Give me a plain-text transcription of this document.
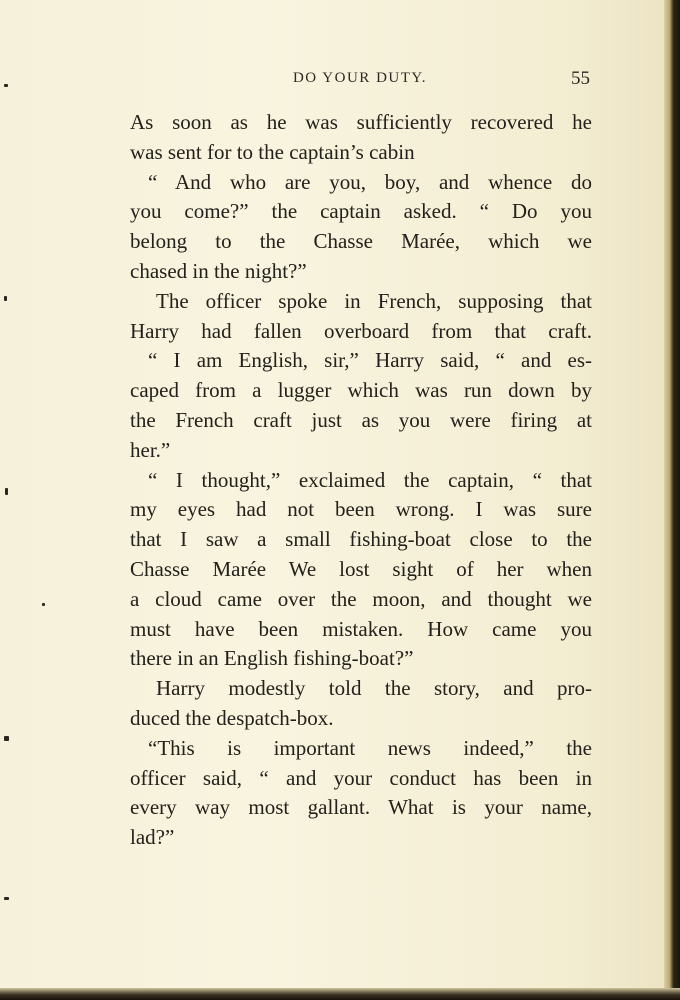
DO YOUR DUTY.	55
As soon as he was sufficiently recovered he
was sent for to the captain’s cabin
“ And who are you, boy, and whence do
you come?” the captain asked. “ Do you
belong to the Chasse Marée, which we
chased in the night?”
The officer spoke in French, supposing that
Harry had fallen overboard from that craft.
“ I am English, sir,” Harry said, “ and es-
caped from a lugger which was run down by
the French craft just as you were firing at
her.”
“ I thought,” exclaimed the captain, “ that
my eyes had not been wrong. I was sure
that I saw a small fishing-boat close to the
Chasse Marée We lost sight of her when
a cloud came over the moon, and thought we
must have been mistaken. How came you
there in an English fishing-boat?”
Harry modestly told the story, and pro-
duced the despatch-box.
“This is important news indeed,” the
officer said, “ and your conduct has been in
every way most gallant. What is your name,
lad?”
